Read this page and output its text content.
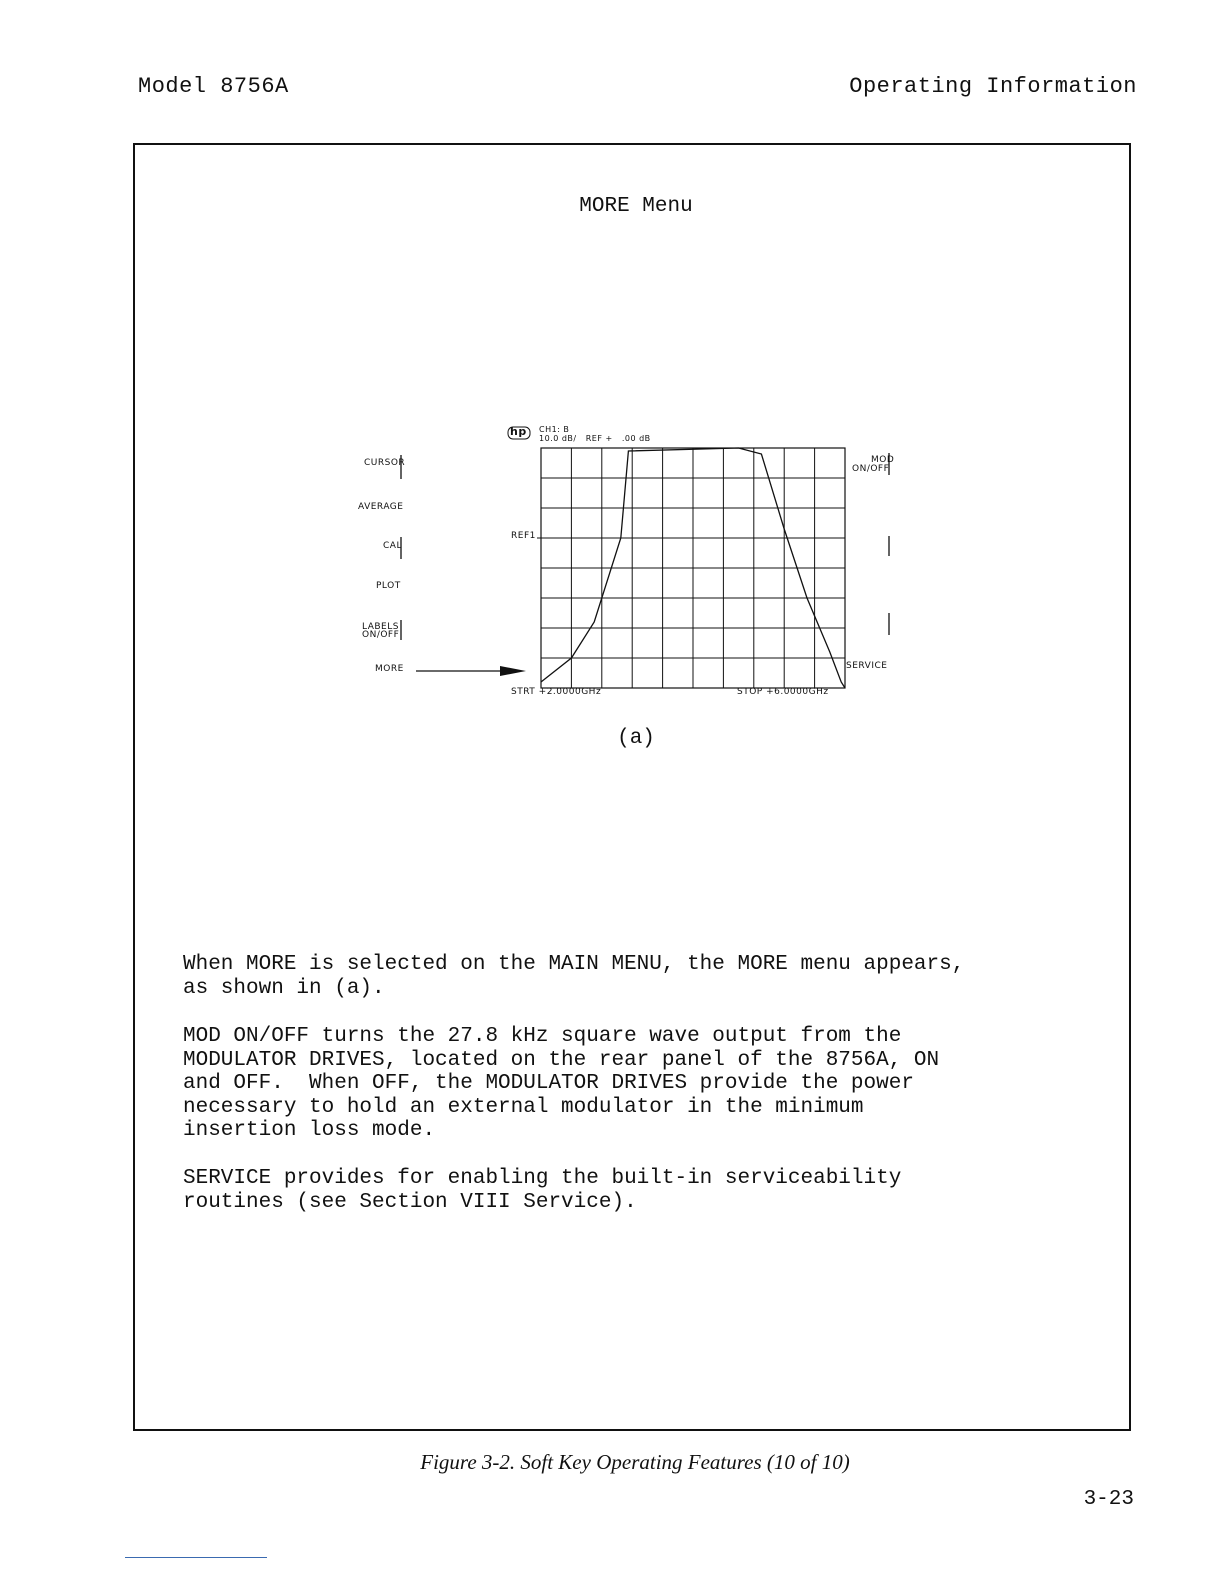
Model 8756A	Operating Information
MORE Menu
hp CH1: B
10.0 dB/   REF +   .00 dB
REF1
STRT +2.0000GHz	STOP +6.0000GHz
CURSOR
AVERAGE
CAL
PLOT
LABELS
ON/OFF
MORE
MOD
ON/OFF
SERVICE
(a)

When MORE is selected on the MAIN MENU, the MORE menu appears,
as shown in (a).

MOD ON/OFF turns the 27.8 kHz square wave output from the
MODULATOR DRIVES, located on the rear panel of the 8756A, ON
and OFF.  When OFF, the MODULATOR DRIVES provide the power
necessary to hold an external modulator in the minimum
insertion loss mode.

SERVICE provides for enabling the built-in serviceability
routines (see Section VIII Service).

Figure 3-2. Soft Key Operating Features (10 of 10)
3-23
